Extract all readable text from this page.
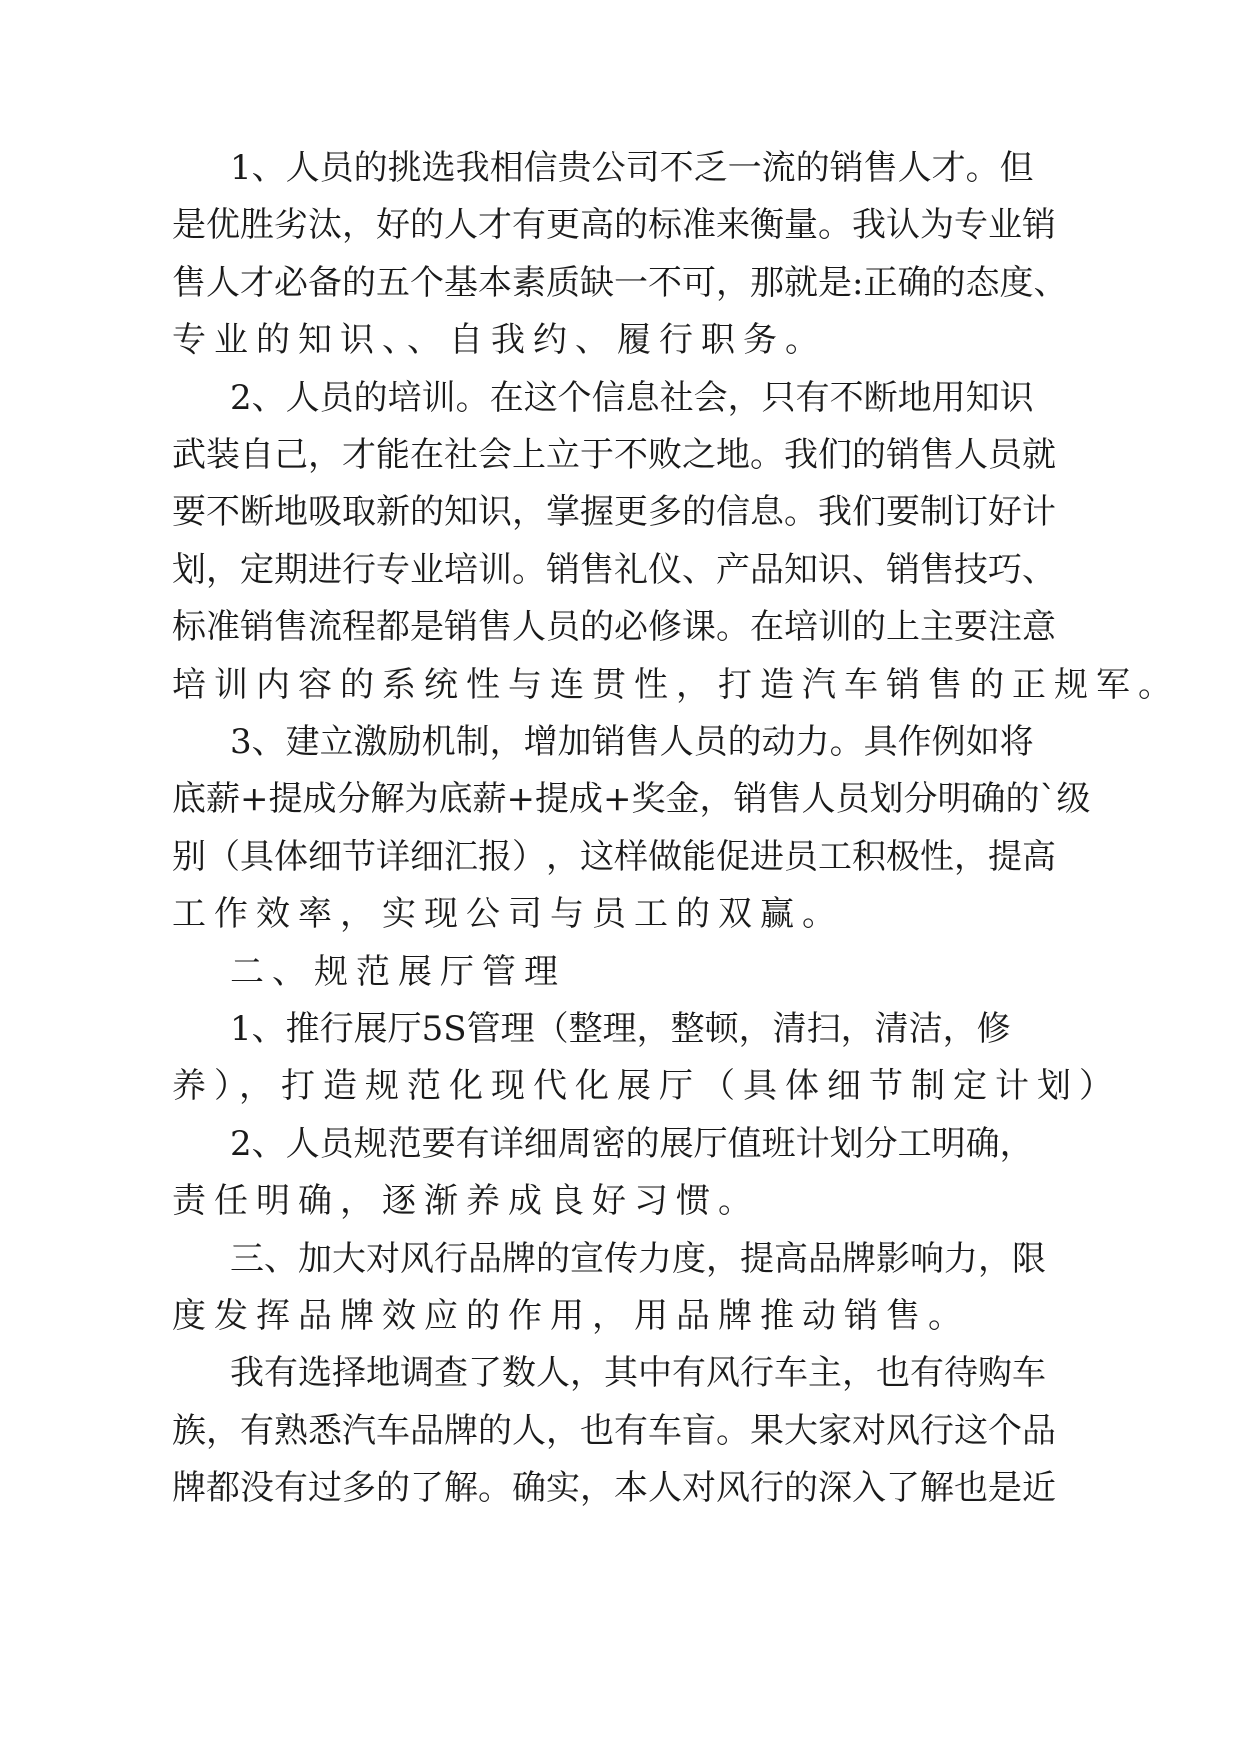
1 、 人 员 的 挑 选 我 相 信 贵 公 司 不 乏 一 流 的 销 售 人 才 。 但
是 优 胜 劣 汰 ， 好 的 人 才 有 更 高 的 标 准 来 衡 量 。 我 认 为 专 业 销
售 人 才 必 备 的 五 个 基 本 素 质 缺 一 不 可 ， 那 就 是 : 正 确 的 态 度 、
专业的知识、、自我约、履行职务。
2 、 人 员 的 培 训 。 在 这 个 信 息 社 会 ， 只 有 不 断 地 用 知 识
武 装 自 己 ， 才 能 在 社 会 上 立 于 不 败 之 地 。 我 们 的 销 售 人 员 就
要 不 断 地 吸 取 新 的 知 识 ， 掌 握 更 多 的 信 息 。 我 们 要 制 订 好 计
划 ， 定 期 进 行 专 业 培 训 。 销 售 礼 仪 、 产 品 知 识 、 销 售 技 巧 、
标 准 销 售 流 程 都 是 销 售 人 员 的 必 修 课 。 在 培 训 的 上 主 要 注 意
培训内容的系统性与连贯性，打造汽车销售的正规军。
3 、 建 立 激 励 机 制 ， 增 加 销 售 人 员 的 动 力 。 具 作 例 如 将
底 薪 + 提 成 分 解 为 底 薪 + 提 成 + 奖 金 ， 销 售 人 员 划 分 明 确 的 ` 级
别 （ 具 体 细 节 详 细 汇 报 ） ， 这 样 做 能 促 进 员 工 积 极 性 ， 提 高
工作效率，实现公司与员工的双赢。
二、规范展厅管理
1 、 推 行 展 厅 5 S 管 理 （ 整 理 ， 整 顿 ， 清 扫 ， 清 洁 ， 修
养），打造规范化现代化展厅（具体细节制定计划）
2 、 人 员 规 范 要 有 详 细 周 密 的 展 厅 值 班 计 划 分 工 明 确 ，
责任明确，逐渐养成良好习惯。
三 、 加 大 对 风 行 品 牌 的 宣 传 力 度 ， 提 高 品 牌 影 响 力 ， 限
度发挥品牌效应的作用，用品牌推动销售。
我 有 选 择 地 调 查 了 数 人 ， 其 中 有 风 行 车 主 ， 也 有 待 购 车
族 ， 有 熟 悉 汽 车 品 牌 的 人 ， 也 有 车 盲 。 果 大 家 对 风 行 这 个 品
牌 都 没 有 过 多 的 了 解 。 确 实 ， 本 人 对 风 行 的 深 入 了 解 也 是 近
